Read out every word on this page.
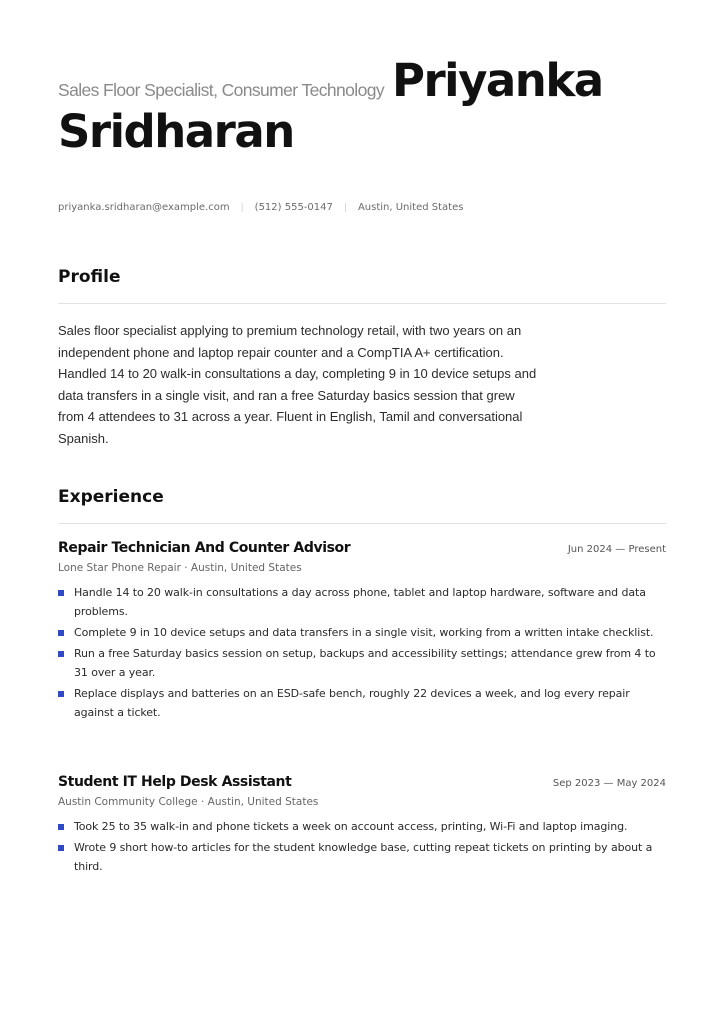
Sales Floor Specialist, Consumer Technology Priyanka
Sridharan
priyanka.sridharan@example.com | (512) 555-0147 | Austin, United States
Profile

Sales floor specialist applying to premium technology retail, with two years on an independent phone and laptop repair counter and a CompTIA A+ certification. Handled 14 to 20 walk-in consultations a day, completing 9 in 10 device setups and data transfers in a single visit, and ran a free Saturday basics session that grew from 4 attendees to 31 across a year. Fluent in English, Tamil and conversational Spanish.

Experience
Repair Technician And Counter Advisor	Jun 2024 — Present
Lone Star Phone Repair · Austin, United States
Handle 14 to 20 walk-in consultations a day across phone, tablet and laptop hardware, software and data problems.
Complete 9 in 10 device setups and data transfers in a single visit, working from a written intake checklist.
Run a free Saturday basics session on setup, backups and accessibility settings; attendance grew from 4 to 31 over a year.
Replace displays and batteries on an ESD-safe bench, roughly 22 devices a week, and log every repair against a ticket.
Student IT Help Desk Assistant	Sep 2023 — May 2024
Austin Community College · Austin, United States
Took 25 to 35 walk-in and phone tickets a week on account access, printing, Wi-Fi and laptop imaging.
Wrote 9 short how-to articles for the student knowledge base, cutting repeat tickets on printing by about a third.
